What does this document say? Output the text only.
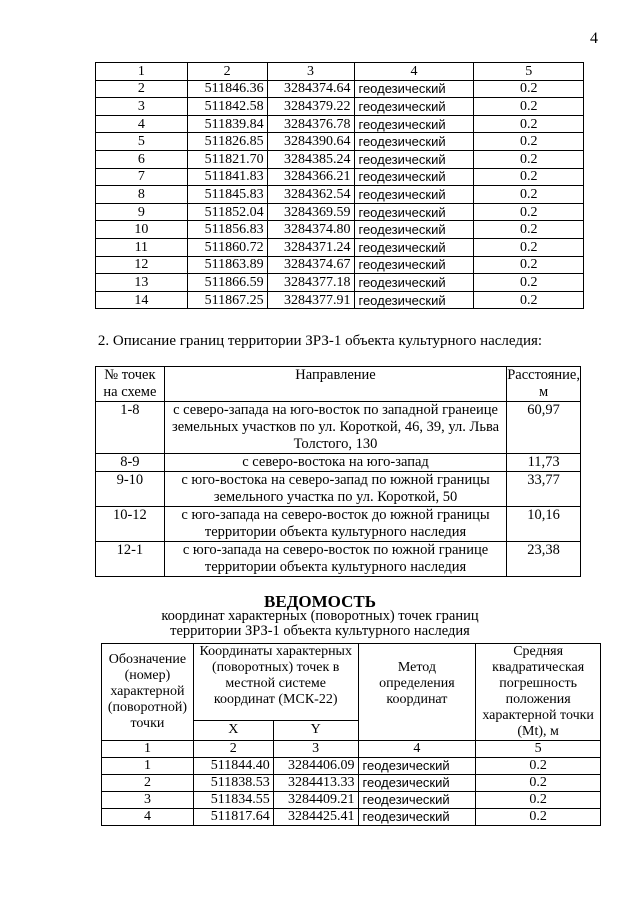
4
1	2	3	4	5
2	511846.36	3284374.64	геодезический	0.2
3	511842.58	3284379.22	геодезический	0.2
4	511839.84	3284376.78	геодезический	0.2
5	511826.85	3284390.64	геодезический	0.2
6	511821.70	3284385.24	геодезический	0.2
7	511841.83	3284366.21	геодезический	0.2
8	511845.83	3284362.54	геодезический	0.2
9	511852.04	3284369.59	геодезический	0.2
10	511856.83	3284374.80	геодезический	0.2
11	511860.72	3284371.24	геодезический	0.2
12	511863.89	3284374.67	геодезический	0.2
13	511866.59	3284377.18	геодезический	0.2
14	511867.25	3284377.91	геодезический	0.2
2. Описание границ территории ЗРЗ-1 объекта культурного наследия:
№ точек на схеме	Направление	Расстояние, м
1-8	с северо-запада на юго-восток по западной гранеице земельных участков по ул. Короткой, 46, 39, ул. Льва Толстого, 130	60,97
8-9	с северо-востока на юго-запад	11,73
9-10	с юго-востока на северо-запад по южной границы земельного участка по ул. Короткой, 50	33,77
10-12	с юго-запада на северо-восток до южной границы территории объекта культурного наследия	10,16
12-1	с юго-запада на северо-восток по южной границе территории объекта культурного наследия	23,38
ВЕДОМОСТЬ
координат характерных (поворотных) точек границ
территории ЗРЗ-1 объекта культурного наследия
Обозначение (номер) характерной (поворотной) точки	Координаты характерных (поворотных) точек в местной системе координат (МСК-22)		Метод определения координат	Средняя квадратическая погрешность положения характерной точки (Mt), м
	X	Y		
1	2	3	4	5
1	511844.40	3284406.09	геодезический	0.2
2	511838.53	3284413.33	геодезический	0.2
3	511834.55	3284409.21	геодезический	0.2
4	511817.64	3284425.41	геодезический	0.2
